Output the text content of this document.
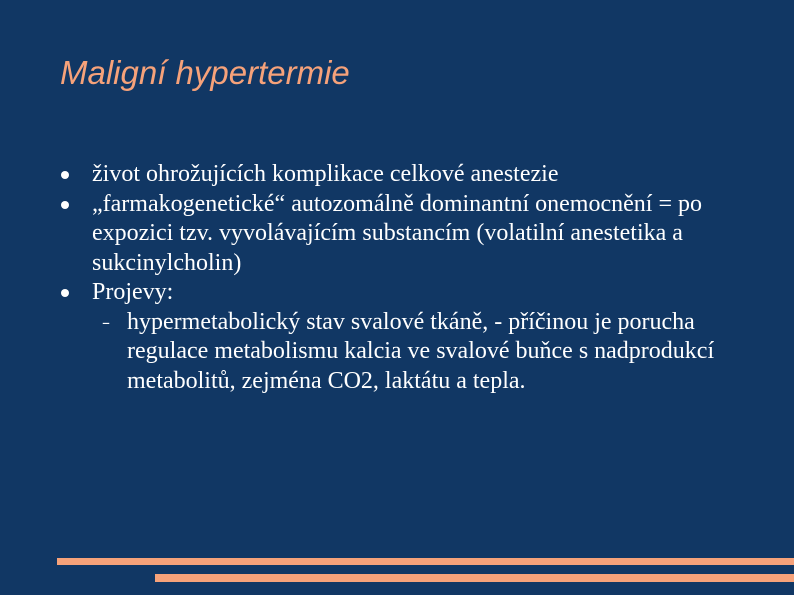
Maligní hypertermie
život ohrožujících komplikace celkové anestezie
„farmakogenetické“ autozomálně dominantní onemocnění = po expozici tzv. vyvolávajícím substancím (volatilní anestetika a sukcinylcholin)
Projevy:
– hypermetabolický stav svalové tkáně, - příčinou je porucha regulace metabolismu kalcia ve svalové buňce s nadprodukcí metabolitů, zejména CO2, laktátu a tepla.
